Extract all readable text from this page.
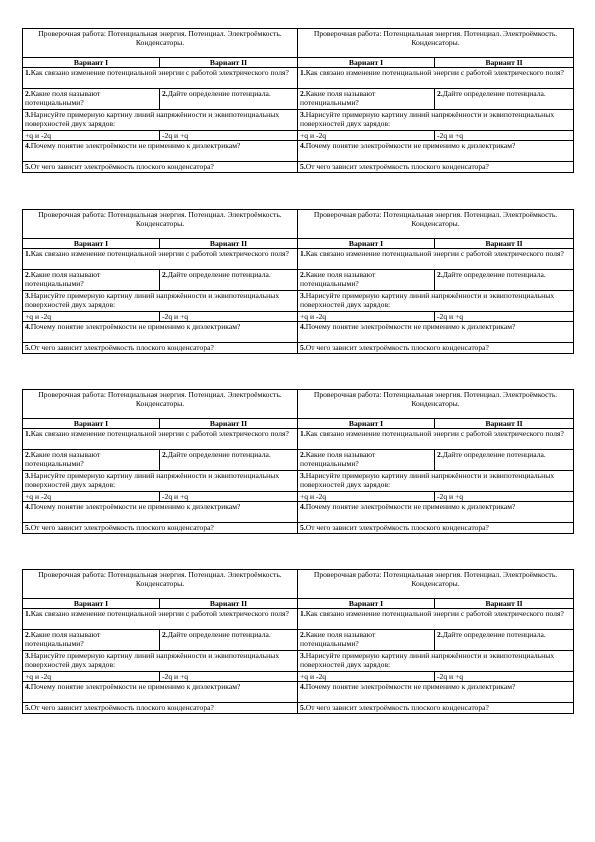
Проверочная работа: Потенциальная энергия. Потенциал. Электроёмкость. Конденсаторы.		Проверочная работа: Потенциальная энергия. Потенциал. Электроёмкость. Конденсаторы.	
Вариант I	Вариант II	Вариант I	Вариант II
1.Как связано изменение потенциальной энергии с работой электрического поля?		1.Как связано изменение потенциальной энергии с работой электрического поля?	
2.Какие поля называют потенциальными?	2.Дайте определение потенциала.	2.Какие поля называют потенциальными?	2.Дайте определение потенциала.
3.Нарисуйте примерную картину линий напряжённости и эквипотенциальных поверхностей двух зарядов:		3.Нарисуйте примерную картину линий напряжённости и эквипотенциальных поверхностей двух зарядов:	
+q и -2q	-2q и +q	+q и -2q	-2q и +q
4.Почему понятие электроёмкости не применимо к диэлектрикам?		4.Почему понятие электроёмкости не применимо к диэлектрикам?	
5.От чего зависит электроёмкость плоского конденсатора?		5.От чего зависит электроёмкость плоского конденсатора?	
Проверочная работа: Потенциальная энергия. Потенциал. Электроёмкость. Конденсаторы.		Проверочная работа: Потенциальная энергия. Потенциал. Электроёмкость. Конденсаторы.	
Вариант I	Вариант II	Вариант I	Вариант II
1.Как связано изменение потенциальной энергии с работой электрического поля?		1.Как связано изменение потенциальной энергии с работой электрического поля?	
2.Какие поля называют потенциальными?	2.Дайте определение потенциала.	2.Какие поля называют потенциальными?	2.Дайте определение потенциала.
3.Нарисуйте примерную картину линий напряжённости и эквипотенциальных поверхностей двух зарядов:		3.Нарисуйте примерную картину линий напряжённости и эквипотенциальных поверхностей двух зарядов:	
+q и -2q	-2q и +q	+q и -2q	-2q и +q
4.Почему понятие электроёмкости не применимо к диэлектрикам?		4.Почему понятие электроёмкости не применимо к диэлектрикам?	
5.От чего зависит электроёмкость плоского конденсатора?		5.От чего зависит электроёмкость плоского конденсатора?	
Проверочная работа: Потенциальная энергия. Потенциал. Электроёмкость. Конденсаторы.		Проверочная работа: Потенциальная энергия. Потенциал. Электроёмкость. Конденсаторы.	
Вариант I	Вариант II	Вариант I	Вариант II
1.Как связано изменение потенциальной энергии с работой электрического поля?		1.Как связано изменение потенциальной энергии с работой электрического поля?	
2.Какие поля называют потенциальными?	2.Дайте определение потенциала.	2.Какие поля называют потенциальными?	2.Дайте определение потенциала.
3.Нарисуйте примерную картину линий напряжённости и эквипотенциальных поверхностей двух зарядов:		3.Нарисуйте примерную картину линий напряжённости и эквипотенциальных поверхностей двух зарядов:	
+q и -2q	-2q и +q	+q и -2q	-2q и +q
4.Почему понятие электроёмкости не применимо к диэлектрикам?		4.Почему понятие электроёмкости не применимо к диэлектрикам?	
5.От чего зависит электроёмкость плоского конденсатора?		5.От чего зависит электроёмкость плоского конденсатора?	
Проверочная работа: Потенциальная энергия. Потенциал. Электроёмкость. Конденсаторы.		Проверочная работа: Потенциальная энергия. Потенциал. Электроёмкость. Конденсаторы.	
Вариант I	Вариант II	Вариант I	Вариант II
1.Как связано изменение потенциальной энергии с работой электрического поля?		1.Как связано изменение потенциальной энергии с работой электрического поля?	
2.Какие поля называют потенциальными?	2.Дайте определение потенциала.	2.Какие поля называют потенциальными?	2.Дайте определение потенциала.
3.Нарисуйте примерную картину линий напряжённости и эквипотенциальных поверхностей двух зарядов:		3.Нарисуйте примерную картину линий напряжённости и эквипотенциальных поверхностей двух зарядов:	
+q и -2q	-2q и +q	+q и -2q	-2q и +q
4.Почему понятие электроёмкости не применимо к диэлектрикам?		4.Почему понятие электроёмкости не применимо к диэлектрикам?	
5.От чего зависит электроёмкость плоского конденсатора?		5.От чего зависит электроёмкость плоского конденсатора?	
